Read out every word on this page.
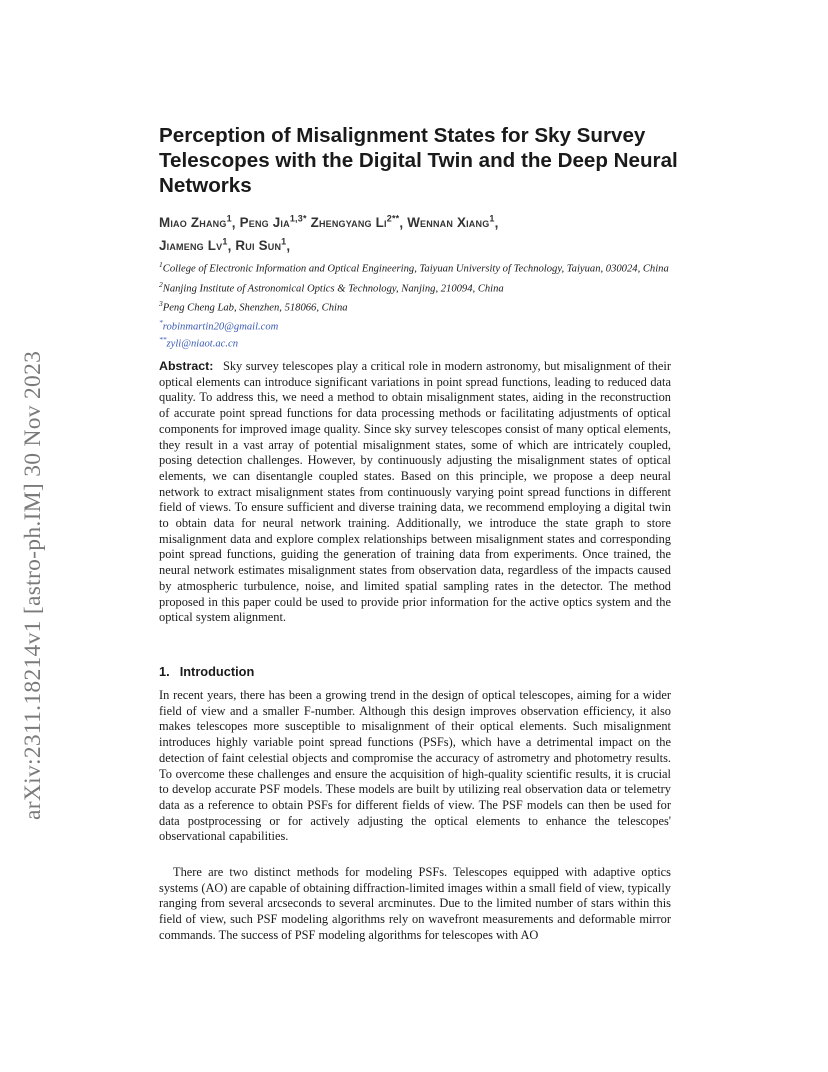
arXiv:2311.18214v1 [astro-ph.IM] 30 Nov 2023
Perception of Misalignment States for Sky Survey Telescopes with the Digital Twin and the Deep Neural Networks
Miao Zhang$^1$, Peng Jia$^{1,3*}$ Zhengyang $Li^{2**}$, Wennan Xiang$^1$,
Jiameng Lv$^1$, Rui Sun$^1$,

$^1$College of Electronic Information and Optical Engineering, Taiyuan University of Technology, Taiyuan, 030024, China

$^2$Nanjing Institute of Astronomical Optics & Technology, Nanjing, 210094, China

$^3$Peng Cheng Lab, Shenzhen, 518066, China

*robinmartin20@gmail.com

**zyli@niaot.ac.cn

Abstract: Sky survey telescopes play a critical role in modern astronomy, but misalignment of their optical elements can introduce significant variations in point spread functions, leading to reduced data quality. To address this, we need a method to obtain misalignment states, aiding in the reconstruction of accurate point spread functions for data processing methods or facilitating adjustments of optical components for improved image quality. Since sky survey telescopes consist of many optical elements, they result in a vast array of potential misalignment states, some of which are intricately coupled, posing detection challenges. However, by continuously adjusting the misalignment states of optical elements, we can disentangle coupled states. Based on this principle, we propose a deep neural network to extract misalignment states from continuously varying point spread functions in different field of views. To ensure sufficient and diverse training data, we recommend employing a digital twin to obtain data for neural network training. Additionally, we introduce the state graph to store misalignment data and explore complex relationships between misalignment states and corresponding point spread functions, guiding the generation of training data from experiments. Once trained, the neural network estimates misalignment states from observation data, regardless of the impacts caused by atmospheric turbulence, noise, and limited spatial sampling rates in the detector. The method proposed in this paper could be used to provide prior information for the active optics system and the optical system alignment.

1. Introduction

In recent years, there has been a growing trend in the design of optical telescopes, aiming for a wider field of view and a smaller F-number. Although this design improves observation efficiency, it also makes telescopes more susceptible to misalignment of their optical elements. Such misalignment introduces highly variable point spread functions (PSFs), which have a detrimental impact on the detection of faint celestial objects and compromise the accuracy of astrometry and photometry results. To overcome these challenges and ensure the acquisition of high-quality scientific results, it is crucial to develop accurate PSF models. These models are built by utilizing real observation data or telemetry data as a reference to obtain PSFs for different fields of view. The PSF models can then be used for data postprocessing or for actively adjusting the optical elements to enhance the telescopes' observational capabilities.

There are two distinct methods for modeling PSFs. Telescopes equipped with adaptive optics systems (AO) are capable of obtaining diffraction-limited images within a small field of view, typically ranging from several arcseconds to several arcminutes. Due to the limited number of stars within this field of view, such PSF modeling algorithms rely on wavefront measurements and deformable mirror commands. The success of PSF modeling algorithms for telescopes with AO
